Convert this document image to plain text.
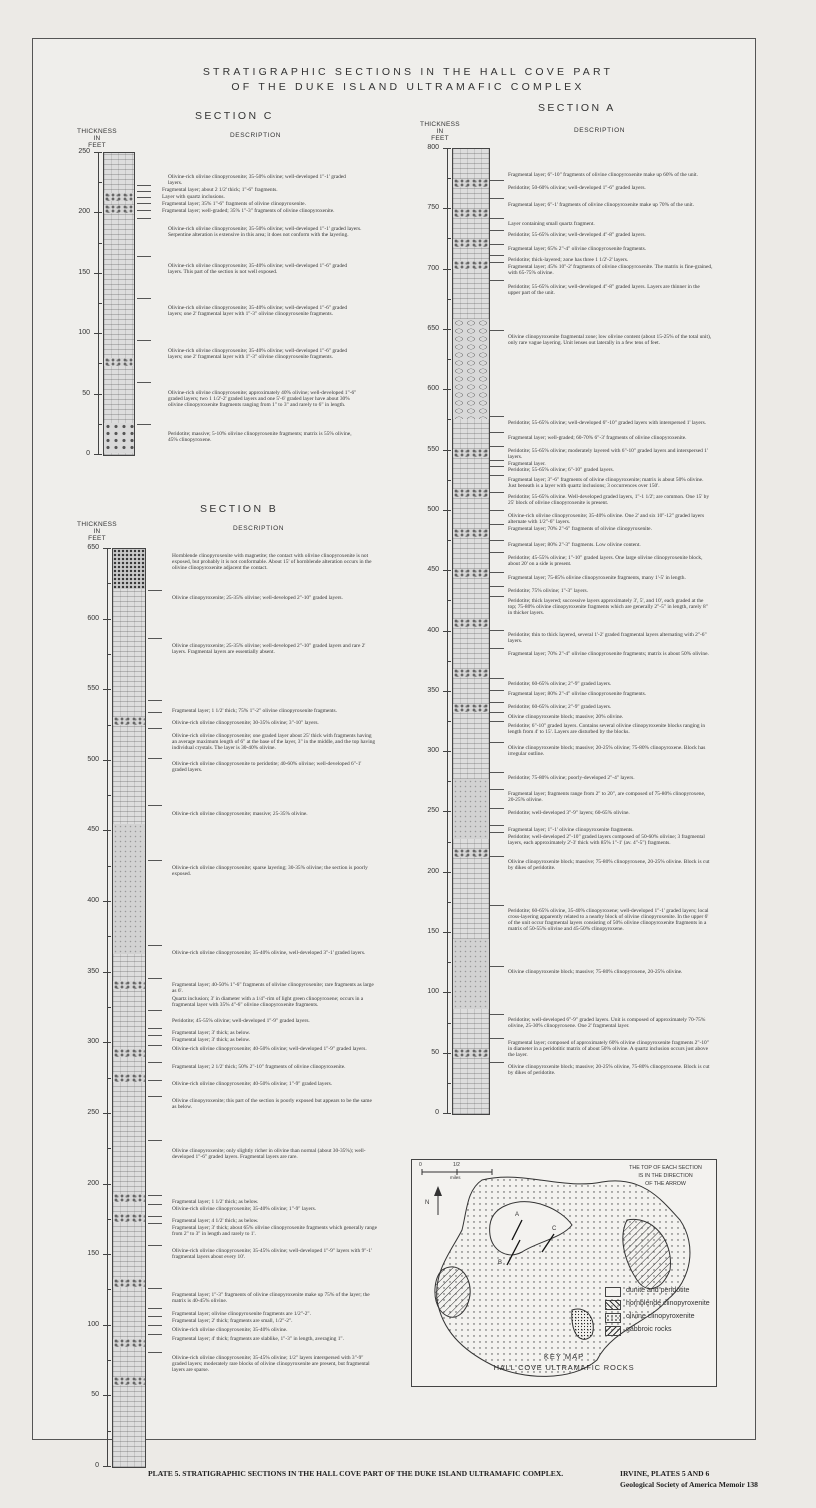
STRATIGRAPHIC SECTIONS IN THE HALL COVE PART
OF THE DUKE ISLAND ULTRAMAFIC COMPLEX
SECTION C
THICKNESS
IN
FEET
DESCRIPTION
250
200
150
100
50
0
Olivine-rich olivine clinopyroxenite; 35-50% olivine; well-developed 1"-1' graded layers.
Fragmental layer; about 2 1/2' thick; 1"-6" fragments.
Layer with quartz inclusions.
Fragmental layer; 35% 1"-6" fragments of olivine clinopyroxenite.
Fragmental layer; well-graded; 35% 1"-3" fragments of olivine clinopyroxenite.
Olivine-rich olivine clinopyroxenite; 35-50% olivine; well-developed 1"-1' graded layers. Serpentine alteration is extensive in this area; it does not conform with the layering.
Olivine-rich olivine clinopyroxenite; 35-40% olivine; well-developed 1"-6" graded layers. This part of the section is not well exposed.
Olivine-rich olivine clinopyroxenite; 35-40% olivine; well-developed 1"-6" graded layers; one 2' fragmental layer with 1"-3" olivine clinopyroxenite fragments.
Olivine-rich olivine clinopyroxenite; 35-40% olivine; well-developed 1"-6" graded layers; one 2' fragmental layer with 1"-3" olivine clinopyroxenite fragments.
Olivine-rich olivine clinopyroxenite; approximately 40% olivine; well-developed 1"-6" graded layers; two 1 1/2'-2' graded layers and one 5'-6' graded layer have about 30% olivine clinopyroxenite fragments ranging from 1" to 3" and rarely to 6" in length.
Peridotite; massive; 5-10% olivine clinopyroxenite fragments; matrix is 55% olivine, 45% clinopyroxene.
SECTION B
THICKNESS
IN
FEET
DESCRIPTION
650
600
550
500
450
400
350
300
250
200
150
100
50
0
Hornblende clinopyroxenite with magnetite; the contact with olivine clinopyroxenite is not exposed, but probably it is not conformable. About 15' of hornblende alteration occurs in the olivine clinopyroxenite adjacent the contact.
Olivine clinopyroxenite; 25-35% olivine; well-developed 2"-10" graded layers.
Olivine clinopyroxenite; 25-35% olivine; well-developed 2"-10" graded layers and rare 2' layers. Fragmental layers are essentially absent.
Fragmental layer; 1 1/2' thick; 75% 1"-2" olivine clinopyroxenite fragments.
Olivine-rich olivine clinopyroxenite; 30-35% olivine; 3"-10" layers.
Olivine-rich olivine clinopyroxenite; one graded layer about 25' thick with fragments having an average maximum length of 6" at the base of the layer, 3" in the middle, and the top having individual crystals. The layer is 30-40% olivine.
Olivine-rich olivine clinopyroxenite to peridotite; 40-60% olivine; well-developed 6"-1' graded layers.
Olivine-rich olivine clinopyroxenite; massive; 25-35% olivine.
Olivine-rich olivine clinopyroxenite; sparse layering; 30-35% olivine; the section is poorly exposed.
Olivine-rich olivine clinopyroxenite; 35-40% olivine, well-developed 3"-1' graded layers.
Fragmental layer; 40-50% 1"-6" fragments of olivine clinopyroxenite; rare fragments as large as 6'.
Quartz inclusion; 3' in diameter with a 1/4"-rim of light green clinopyroxene; occurs in a fragmental layer with 35% 4"-6" olivine clinopyroxenite fragments.
Peridotite; 45-55% olivine; well-developed 1"-9" graded layers.
Fragmental layer; 3' thick; as below.
Fragmental layer; 3' thick; as below.
Olivine-rich olivine clinopyroxenite; 40-50% olivine; well-developed 1"-9" graded layers.
Fragmental layer; 2 1/2' thick; 50% 2"-10" fragments of olivine clinopyroxenite.
Olivine-rich olivine clinopyroxenite; 40-50% olivine; 1"-9" graded layers.
Olivine clinopyroxenite; this part of the section is poorly exposed but appears to be the same as below.
Olivine clinopyroxenite; only slightly richer in olivine than normal (about 30-35%); well-developed 1"-6" graded layers. Fragmental layers are rare.
Fragmental layer; 1 1/2' thick; as below.
Olivine-rich olivine clinopyroxenite; 35-40% olivine; 1"-9" layers.
Fragmental layer; 4 1/2' thick; as below.
Fragmental layer; 3' thick; about 65% olivine clinopyroxenite fragments which generally range from 2" to 3" in length and rarely to 1'.
Olivine-rich olivine clinopyroxenite; 35-45% olivine; well-developed 1"-9" layers with 9"-1' fragmental layers about every 10'.
Fragmental layer; 1"-3" fragments of olivine clinopyroxenite make up 75% of the layer; the matrix is 40-45% olivine.
Fragmental layer; olivine clinopyroxenite fragments are 1/2"-2".
Fragmental layer; 2' thick; fragments are small, 1/2"-2".
Olivine-rich olivine clinopyroxenite; 35-40% olivine.
Fragmental layer; 4' thick; fragments are slablike, 1"-3" in length, averaging 1".
Olivine-rich olivine clinopyroxenite; 35-45% olivine; 1/2" layers interspersed with 3"-9" graded layers; moderately rare blocks of olivine clinopyroxenite are present, but fragmental layers are sparse.
SECTION A
THICKNESS
IN
FEET
DESCRIPTION
800
750
700
650
600
550
500
450
400
350
300
250
200
150
100
50
0
Fragmental layer; 6"-10" fragments of olivine clinopyroxenite make up 60% of the unit.
Peridotite; 50-60% olivine; well-developed 1"-6" graded layers.
Fragmental layer; 6"-1' fragments of olivine clinopyroxenite make up 70% of the unit.
Layer containing small quartz fragment.
Peridotite; 55-65% olivine; well-developed 4"-8" graded layers.
Fragmental layer; 65% 2"-4" olivine clinopyroxenite fragments.
Peridotite; thick-layered; zone has three 1 1/2'-2' layers.
Fragmental layer; 45% 10"-2' fragments of olivine clinopyroxenite. The matrix is fine-grained, with 65-75% olivine.
Peridotite; 55-65% olivine; well-developed 4"-8" graded layers. Layers are thinner in the upper part of the unit.
Olivine clinopyroxenite fragmental zone; low olivine content (about 15-25% of the total unit), only rare vague layering. Unit lenses out laterally in a few tens of feet.
Peridotite; 55-65% olivine; well-developed 6"-10" graded layers with interspersed 1' layers.
Fragmental layer; well-graded; 60-70% 6"-3' fragments of olivine clinopyroxenite.
Peridotite; 55-65% olivine; moderately layered with 6"-10" graded layers and interspersed 1' layers.
Fragmental layer.
Peridotite; 55-65% olivine; 6"-10" graded layers.
Fragmental layer; 3"-6" fragments of olivine clinopyroxenite; matrix is about 50% olivine. Just beneath is a layer with quartz inclusions; 3 occurrences over 150'.
Peridotite; 55-65% olivine. Well-developed graded layers, 1"-1 1/2'; are common. One 15' by 25' block of olivine clinopyroxenite is present.
Olivine-rich olivine clinopyroxenite; 35-40% olivine. One 2' and six 10"-12" graded layers alternate with 1/2"-6" layers.
Fragmental layer; 70% 2"-6" fragments of olivine clinopyroxenite.
Fragmental layer; 80% 2"-3" fragments. Low olivine content.
Peridotite; 45-55% olivine; 1"-10" graded layers. One large olivine clinopyroxenite block, about 20' on a side is present.
Fragmental layer; 75-85% olivine clinopyroxenite fragments, many 1'-5' in length.
Peridotite; 75% olivine; 1"-3" layers.
Peridotite; thick layered; successive layers approximately 3', 5', and 10', each graded at the top; 75-80% olivine clinopyroxenite fragments which are generally 2"-5" in length, rarely 8" in thicker layers.
Peridotite; thin to thick layered, several 1'-2' graded fragmental layers alternating with 2"-6" layers.
Fragmental layer; 70% 2"-4" olivine clinopyroxenite fragments; matrix is about 50% olivine.
Peridotite; 60-65% olivine; 2"-9" graded layers.
Fragmental layer; 80% 2"-4" olivine clinopyroxenite fragments.
Peridotite; 60-65% olivine; 2"-9" graded layers.
Olivine clinopyroxenite block; massive; 20% olivine.
Peridotite; 6"-10" graded layers. Contains several olivine clinopyroxenite blocks ranging in length from 4' to 15'. Layers are disturbed by the blocks.
Olivine clinopyroxenite block; massive; 20-25% olivine; 75-80% clinopyroxene. Block has irregular outline.
Peridotite; 75-80% olivine; poorly-developed 2"-4" layers.
Fragmental layer; fragments range from 2" to 20", are composed of 75-80% clinopyroxene, 20-25% olivine.
Peridotite; well-developed 3"-9" layers; 60-65% olivine.
Fragmental layer; 1"-1' olivine clinopyroxenite fragments.
Peridotite; well-developed 2"-10" graded layers composed of 50-60% olivine; 3 fragmental layers, each approximately 2'-3' thick with 85% 1"-1' (av. 4"-5") fragments.
Olivine clinopyroxenite block; massive; 75-80% clinopyroxene, 20-25% olivine. Block is cut by dikes of peridotite.
Peridotite; 60-65% olivine, 35-40% clinopyroxene; well-developed 1"-1' graded layers; local cross-layering apparently related to a nearby block of olivine clinopyroxenite. In the upper 6' of the unit occur fragmental layers consisting of 50% olivine clinopyroxenite fragments in a matrix of 50-55% olivine and 45-50% clinopyroxene.
Olivine clinopyroxenite block; massive; 75-80% clinopyroxene, 20-25% olivine.
Peridotite; well-developed 6"-9" graded layers. Unit is composed of approximately 70-75% olivine, 25-30% clinopyroxene. One 2' fragmental layer.
Fragmental layer; composed of approximately 60% olivine clinopyroxenite fragments 2"-10" in diameter in a peridotitic matrix of about 50% olivine. A quartz inclusion occurs just above the layer.
Olivine clinopyroxenite block; massive; 20-25% olivine, 75-80% clinopyroxene. Block is cut by dikes of peridotite.
0	1/2
miles
N
A
B
C
THE TOP OF EACH SECTION
IS IN THE DIRECTION
OF THE ARROW
dunite and peridotite
hornblende clinopyroxenite
olivine clinopyroxenite
gabbroic rocks
KEY MAP
HALL COVE ULTRAMAFIC ROCKS
PLATE 5. STRATIGRAPHIC SECTIONS IN THE HALL COVE PART OF THE DUKE ISLAND ULTRAMAFIC COMPLEX.	IRVINE, PLATES 5 AND 6
Geological Society of America Memoir 138
